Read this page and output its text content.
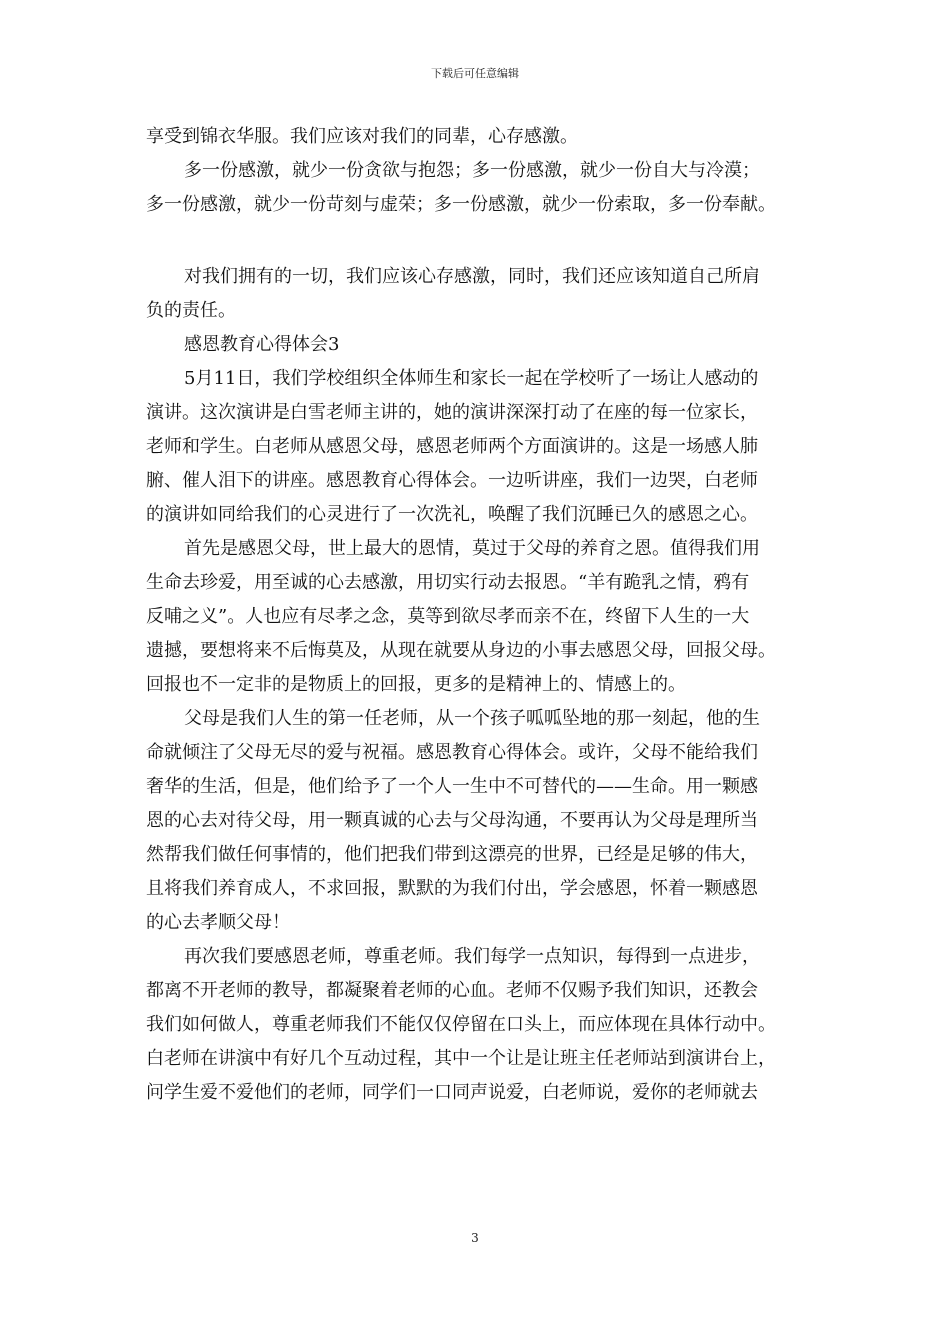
下载后可任意编辑
享受到锦衣华服。我们应该对我们的同辈，心存感激。
多一份感激，就少一份贪欲与抱怨；多一份感激，就少一份自大与冷漠；
多一份感激，就少一份苛刻与虚荣；多一份感激，就少一份索取，多一份奉献。
对我们拥有的一切，我们应该心存感激，同时，我们还应该知道自己所肩
负的责任。
感恩教育心得体会3
5月11日，我们学校组织全体师生和家长一起在学校听了一场让人感动的
演讲。这次演讲是白雪老师主讲的，她的演讲深深打动了在座的每一位家长，
老师和学生。白老师从感恩父母，感恩老师两个方面演讲的。这是一场感人肺
腑、催人泪下的讲座。感恩教育心得体会。一边听讲座，我们一边哭，白老师
的演讲如同给我们的心灵进行了一次洗礼，唤醒了我们沉睡已久的感恩之心。
首先是感恩父母，世上最大的恩情，莫过于父母的养育之恩。值得我们用
生命去珍爱，用至诚的心去感激，用切实行动去报恩。“羊有跪乳之情，鸦有
反哺之义”。人也应有尽孝之念，莫等到欲尽孝而亲不在，终留下人生的一大
遗撼，要想将来不后悔莫及，从现在就要从身边的小事去感恩父母，回报父母。
回报也不一定非的是物质上的回报，更多的是精神上的、情感上的。
父母是我们人生的第一任老师，从一个孩子呱呱坠地的那一刻起，他的生
命就倾注了父母无尽的爱与祝福。感恩教育心得体会。或许，父母不能给我们
奢华的生活，但是，他们给予了一个人一生中不可替代的——生命。用一颗感
恩的心去对待父母，用一颗真诚的心去与父母沟通，不要再认为父母是理所当
然帮我们做任何事情的，他们把我们带到这漂亮的世界，已经是足够的伟大，
且将我们养育成人，不求回报，默默的为我们付出，学会感恩，怀着一颗感恩
的心去孝顺父母！
再次我们要感恩老师，尊重老师。我们每学一点知识，每得到一点进步，
都离不开老师的教导，都凝聚着老师的心血。老师不仅赐予我们知识，还教会
我们如何做人，尊重老师我们不能仅仅停留在口头上，而应体现在具体行动中。
白老师在讲演中有好几个互动过程，其中一个让是让班主任老师站到演讲台上，
问学生爱不爱他们的老师，同学们一口同声说爱，白老师说，爱你的老师就去
3
